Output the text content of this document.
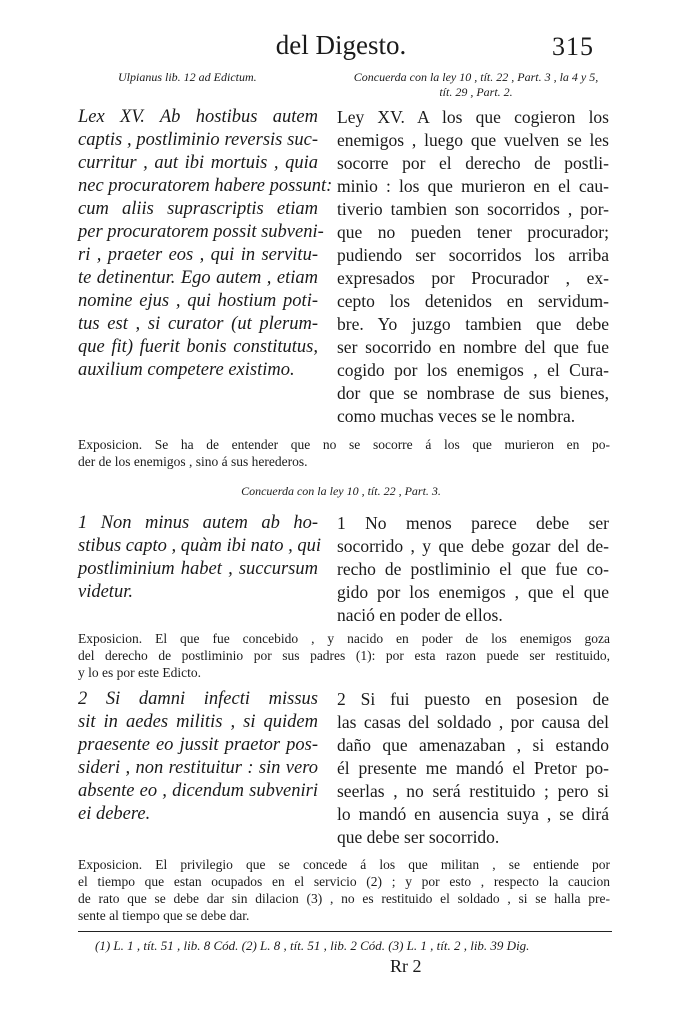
del Digesto.	315
Ulpianus lib. 12 ad Edictum.	Concuerda con la ley 10 , tít. 22 , Part. 3 , la 4 y 5,
tít. 29 , Part. 2.
Lex XV. Ab hostibus autem
captis , postliminio reversis suc-
curritur , aut ibi mortuis , quia
nec procuratorem habere possunt:
cum aliis suprascriptis etiam
per procuratorem possit subveni-
ri , praeter eos , qui in servitu-
te detinentur. Ego autem , etiam
nomine ejus , qui hostium poti-
tus est , si curator (ut plerum-
que fit) fuerit bonis constitutus,
auxilium competere existimo.
Ley XV. A los que cogieron los
enemigos , luego que vuelven se les
socorre por el derecho de postli-
minio : los que murieron en el cau-
tiverio tambien son socorridos , por-
que no pueden tener procurador;
pudiendo ser socorridos los arriba
expresados por Procurador , ex-
cepto los detenidos en servidum-
bre. Yo juzgo tambien que debe
ser socorrido en nombre del que fue
cogido por los enemigos , el Cura-
dor que se nombrase de sus bienes,
como muchas veces se le nombra.
Exposicion. Se ha de entender que no se socorre á los que murieron en po-
der de los enemigos , sino á sus herederos.
Concuerda con la ley 10 , tít. 22 , Part. 3.
1 Non minus autem ab ho-
stibus capto , quàm ibi nato , qui
postliminium habet , succursum
videtur.
1 No menos parece debe ser
socorrido , y que debe gozar del de-
recho de postliminio el que fue co-
gido por los enemigos , que el que
nació en poder de ellos.
Exposicion. El que fue concebido , y nacido en poder de los enemigos goza
del derecho de postliminio por sus padres (1): por esta razon puede ser restituido,
y lo es por este Edicto.
2 Si damni infecti missus
sit in aedes militis , si quidem
praesente eo jussit praetor pos-
sideri , non restituitur : sin vero
absente eo , dicendum subveniri
ei debere.
2 Si fui puesto en posesion de
las casas del soldado , por causa del
daño que amenazaban , si estando
él presente me mandó el Pretor po-
seerlas , no será restituido ; pero si
lo mandó en ausencia suya , se dirá
que debe ser socorrido.
Exposicion. El privilegio que se concede á los que militan , se entiende por
el tiempo que estan ocupados en el servicio (2) ; y por esto , respecto la caucion
de rato que se debe dar sin dilacion (3) , no es restituido el soldado , si se halla pre-
sente al tiempo que se debe dar.
(1) L. 1 , tít. 51 , lib. 8 Cód. (2) L. 8 , tít. 51 , lib. 2 Cód. (3) L. 1 , tít. 2 , lib. 39 Dig.
Rr 2
